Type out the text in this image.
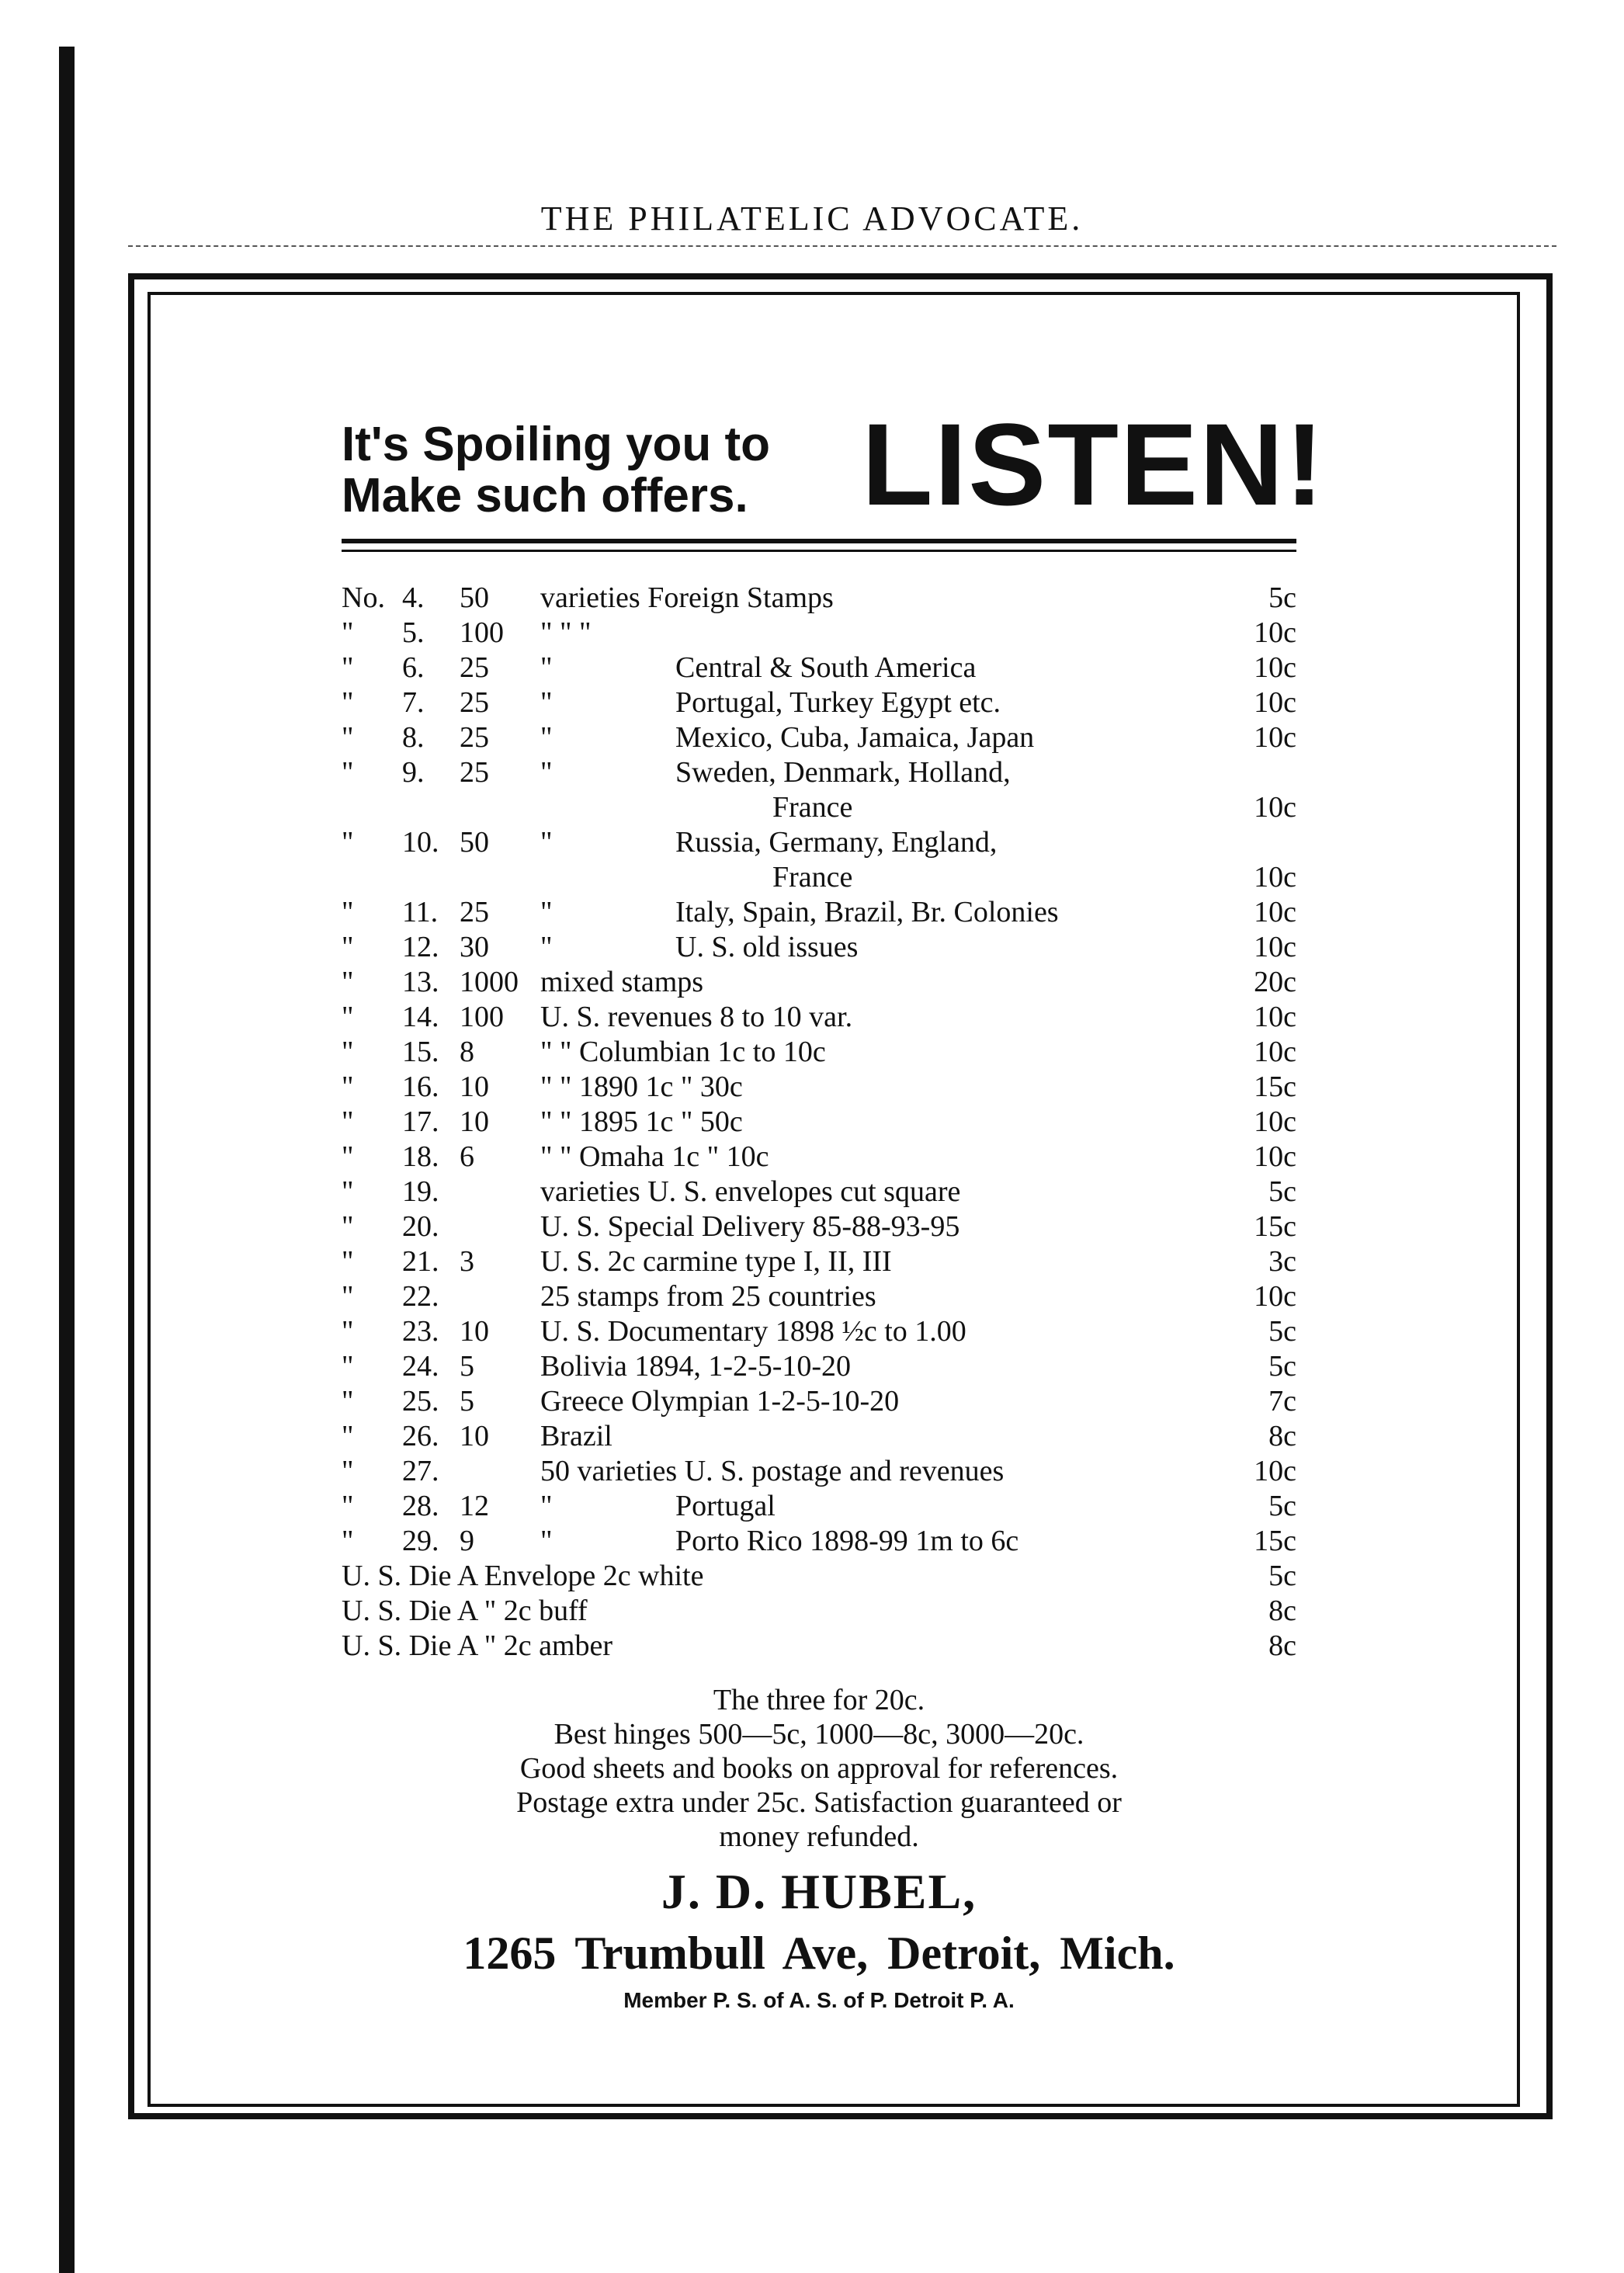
THE PHILATELIC ADVOCATE.
It's Spoiling you to
Make such offers. LISTEN!
No. 4. 50 varieties Foreign Stamps	5c
" 5. 100 " " "	10c
" 6. 25 "	Central & South America	10c
" 7. 25 "	Portugal, Turkey Egypt etc.	10c
" 8. 25 "	Mexico, Cuba, Jamaica, Japan	10c
" 9. 25 "	Sweden, Denmark, Holland,
France	10c
" 10. 50 "	Russia, Germany, England,
France	10c
" 11. 25 "	Italy, Spain, Brazil, Br. Colonies	10c
" 12. 30 "	U. S. old issues	10c
" 13. 1000 mixed stamps	20c
" 14. 100 U. S. revenues 8 to 10 var.	10c
" 15. 8 " " Columbian 1c to 10c	10c
" 16. 10 " " 1890 1c " 30c	15c
" 17. 10 " " 1895 1c " 50c	10c
" 18. 6 " " Omaha 1c " 10c	10c
" 19.	varieties U. S. envelopes cut square	5c
" 20.	U. S. Special Delivery 85-88-93-95	15c
" 21. 3 U. S. 2c carmine type I, II, III	3c
" 22.	25 stamps from 25 countries	10c
" 23. 10 U. S. Documentary 1898 ½c to 1.00	5c
" 24. 5 Bolivia 1894, 1-2-5-10-20	5c
" 25. 5 Greece Olympian 1-2-5-10-20	7c
" 26. 10 Brazil	8c
" 27.	50 varieties U. S. postage and revenues	10c
" 28. 12 "	Portugal	5c
" 29. 9 "	Porto Rico 1898-99 1m to 6c	15c
U. S. Die A Envelope 2c white	5c
U. S. Die A " 2c buff	8c
U. S. Die A " 2c amber	8c
The three for 20c.
Best hinges 500—5c, 1000—8c, 3000—20c.
Good sheets and books on approval for references.
Postage extra under 25c. Satisfaction guaranteed or
money refunded.
J. D. HUBEL,
1265 Trumbull Ave, Detroit, Mich.
Member P. S. of A. S. of P. Detroit P. A.
